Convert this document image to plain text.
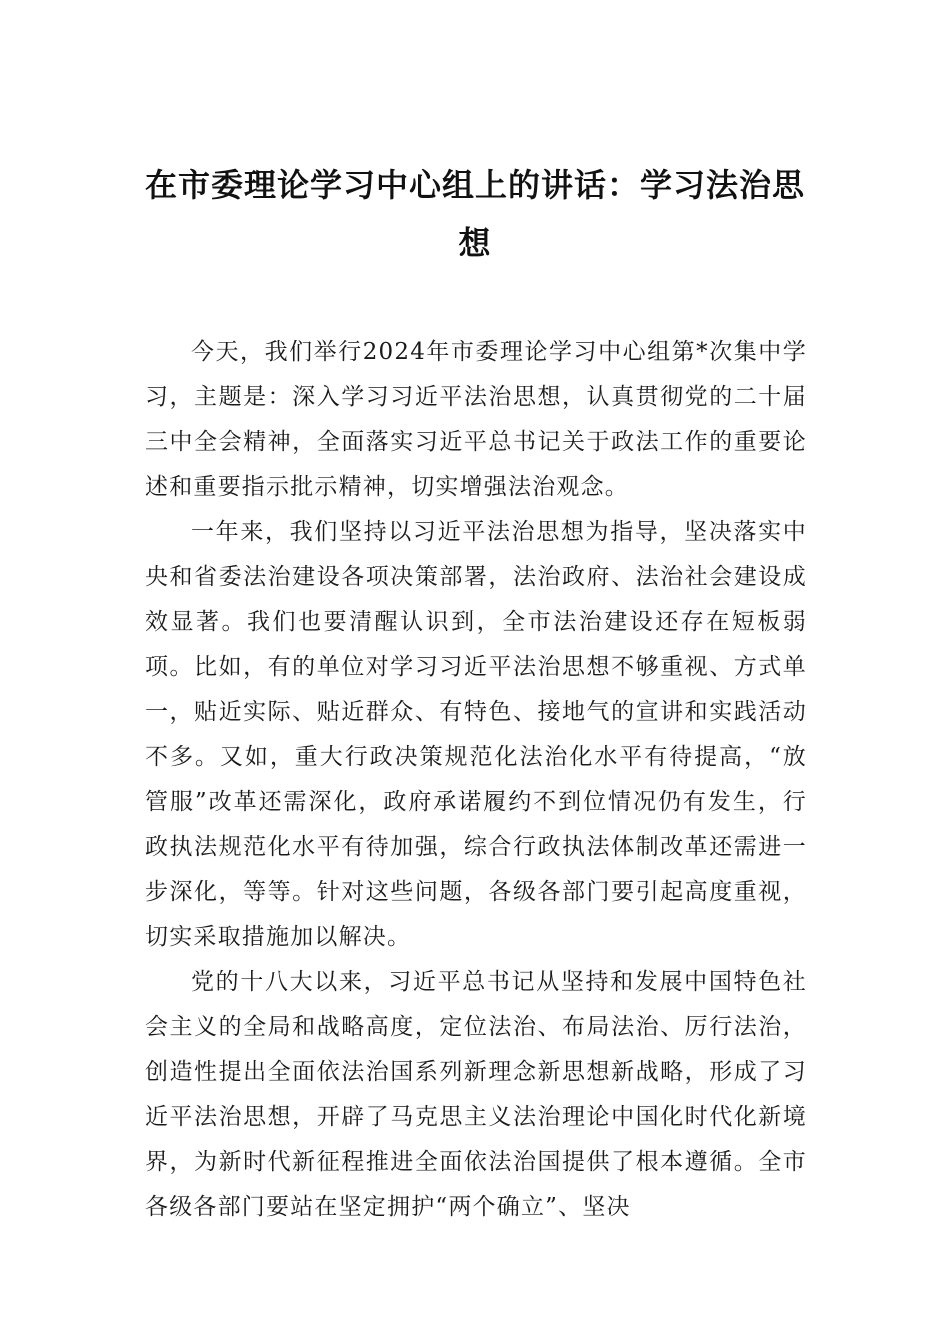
在市委理论学习中心组上的讲话：学习法治思想

今天，我们举行2024年市委理论学习中心组第*次集中学习，主题是：深入学习习近平法治思想，认真贯彻党的二十届三中全会精神，全面落实习近平总书记关于政法工作的重要论述和重要指示批示精神，切实增强法治观念。

一年来，我们坚持以习近平法治思想为指导，坚决落实中央和省委法治建设各项决策部署，法治政府、法治社会建设成效显著。我们也要清醒认识到，全市法治建设还存在短板弱项。比如，有的单位对学习习近平法治思想不够重视、方式单一，贴近实际、贴近群众、有特色、接地气的宣讲和实践活动不多。又如，重大行政决策规范化法治化水平有待提高，“放管服”改革还需深化，政府承诺履约不到位情况仍有发生，行政执法规范化水平有待加强，综合行政执法体制改革还需进一步深化，等等。针对这些问题，各级各部门要引起高度重视，切实采取措施加以解决。

党的十八大以来，习近平总书记从坚持和发展中国特色社会主义的全局和战略高度，定位法治、布局法治、厉行法治，创造性提出全面依法治国系列新理念新思想新战略，形成了习近平法治思想，开辟了马克思主义法治理论中国化时代化新境界，为新时代新征程推进全面依法治国提供了根本遵循。全市各级各部门要站在坚定拥护“两个确立”、坚决
